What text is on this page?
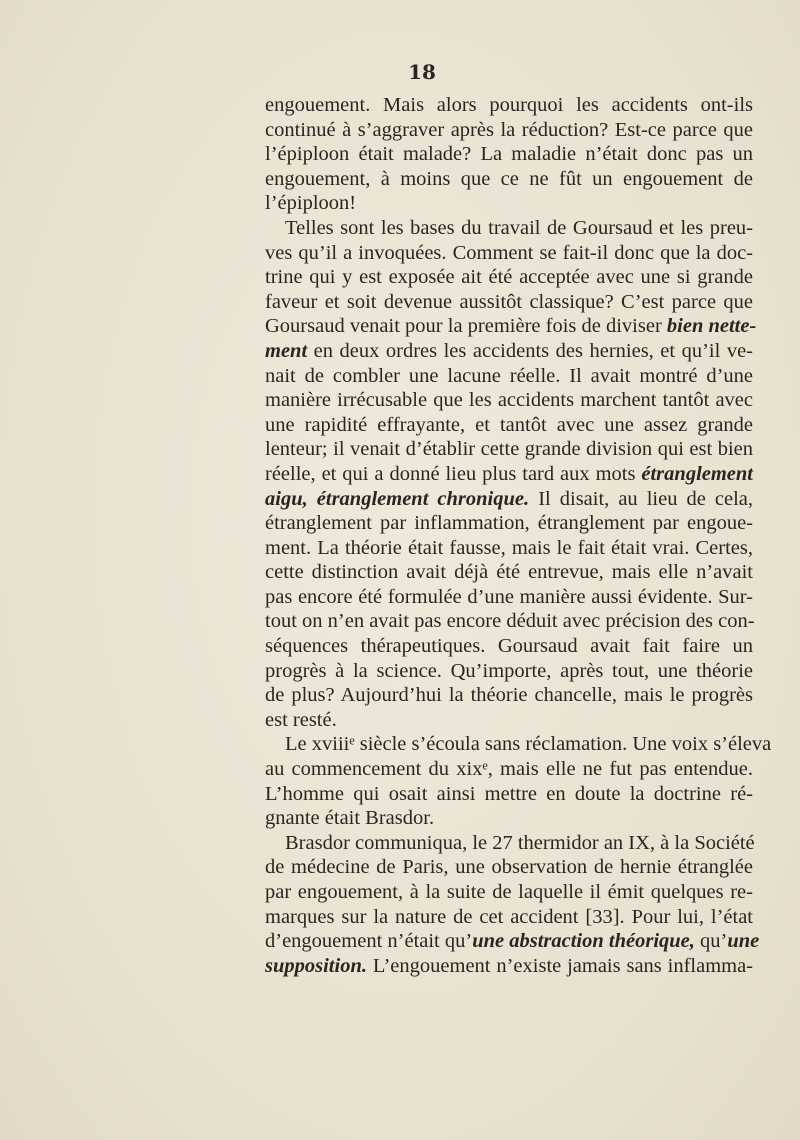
18
engouement. Mais alors pourquoi les accidents ont-ils
continué à s’aggraver après la réduction? Est-ce parce que
l’épiploon était malade? La maladie n’était donc pas un
engouement, à moins que ce ne fût un engouement de
l’épiploon!
Telles sont les bases du travail de Goursaud et les preu-
ves qu’il a invoquées. Comment se fait-il donc que la doc-
trine qui y est exposée ait été acceptée avec une si grande
faveur et soit devenue aussitôt classique? C’est parce que
Goursaud venait pour la première fois de diviser bien nette-
ment en deux ordres les accidents des hernies, et qu’il ve-
nait de combler une lacune réelle. Il avait montré d’une
manière irrécusable que les accidents marchent tantôt avec
une rapidité effrayante, et tantôt avec une assez grande
lenteur; il venait d’établir cette grande division qui est bien
réelle, et qui a donné lieu plus tard aux mots étranglement
aigu, étranglement chronique. Il disait, au lieu de cela,
étranglement par inflammation, étranglement par engoue-
ment. La théorie était fausse, mais le fait était vrai. Certes,
cette distinction avait déjà été entrevue, mais elle n’avait
pas encore été formulée d’une manière aussi évidente. Sur-
tout on n’en avait pas encore déduit avec précision des con-
séquences thérapeutiques. Goursaud avait fait faire un
progrès à la science. Qu’importe, après tout, une théorie
de plus? Aujourd’hui la théorie chancelle, mais le progrès
est resté.
Le xviiiᵉ siècle s’écoula sans réclamation. Une voix s’éleva
au commencement du xixᵉ, mais elle ne fut pas entendue.
L’homme qui osait ainsi mettre en doute la doctrine ré-
gnante était Brasdor.
Brasdor communiqua, le 27 thermidor an IX, à la Société
de médecine de Paris, une observation de hernie étranglée
par engouement, à la suite de laquelle il émit quelques re-
marques sur la nature de cet accident [33]. Pour lui, l’état
d’engouement n’était qu’une abstraction théorique, qu’une
supposition. L’engouement n’existe jamais sans inflamma-
